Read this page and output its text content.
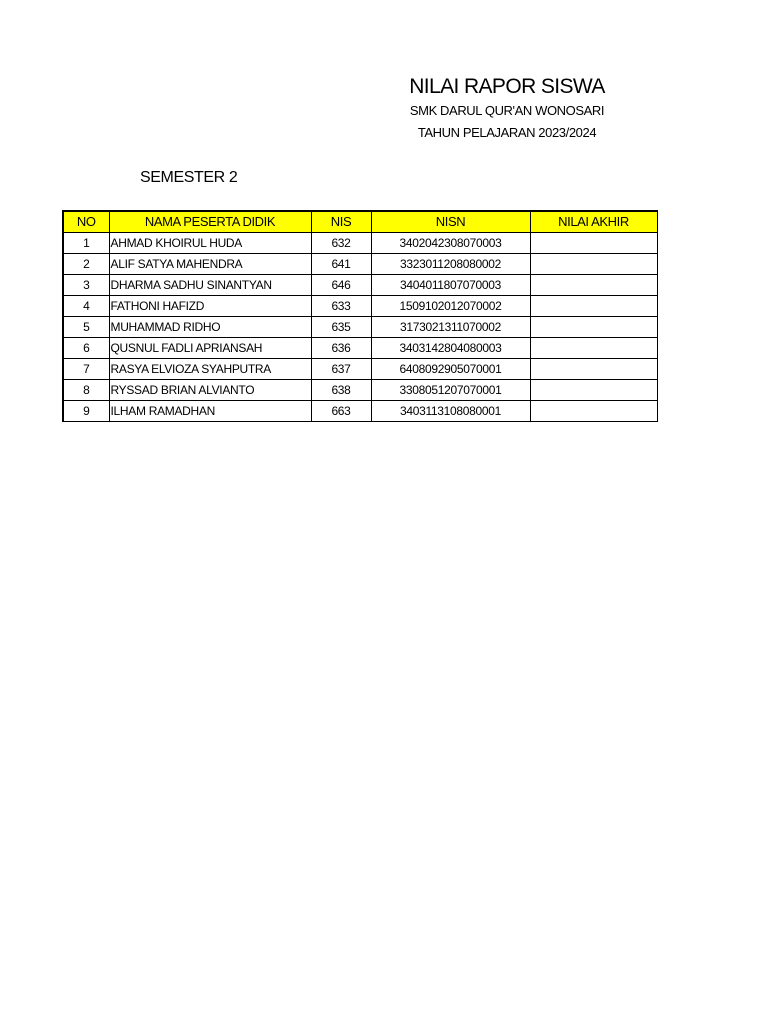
NILAI RAPOR SISWA
SMK DARUL QUR'AN WONOSARI
TAHUN PELAJARAN 2023/2024
SEMESTER 2
NO	NAMA PESERTA DIDIK	NIS	NISN	NILAI AKHIR
1	AHMAD KHOIRUL HUDA	632	3402042308070003	
2	ALIF SATYA MAHENDRA	641	3323011208080002	
3	DHARMA SADHU SINANTYAN	646	3404011807070003	
4	FATHONI HAFIZD	633	1509102012070002	
5	MUHAMMAD RIDHO	635	3173021311070002	
6	QUSNUL FADLI APRIANSAH	636	3403142804080003	
7	RASYA ELVIOZA SYAHPUTRA	637	6408092905070001	
8	RYSSAD BRIAN ALVIANTO	638	3308051207070001	
9	ILHAM RAMADHAN	663	3403113108080001	
